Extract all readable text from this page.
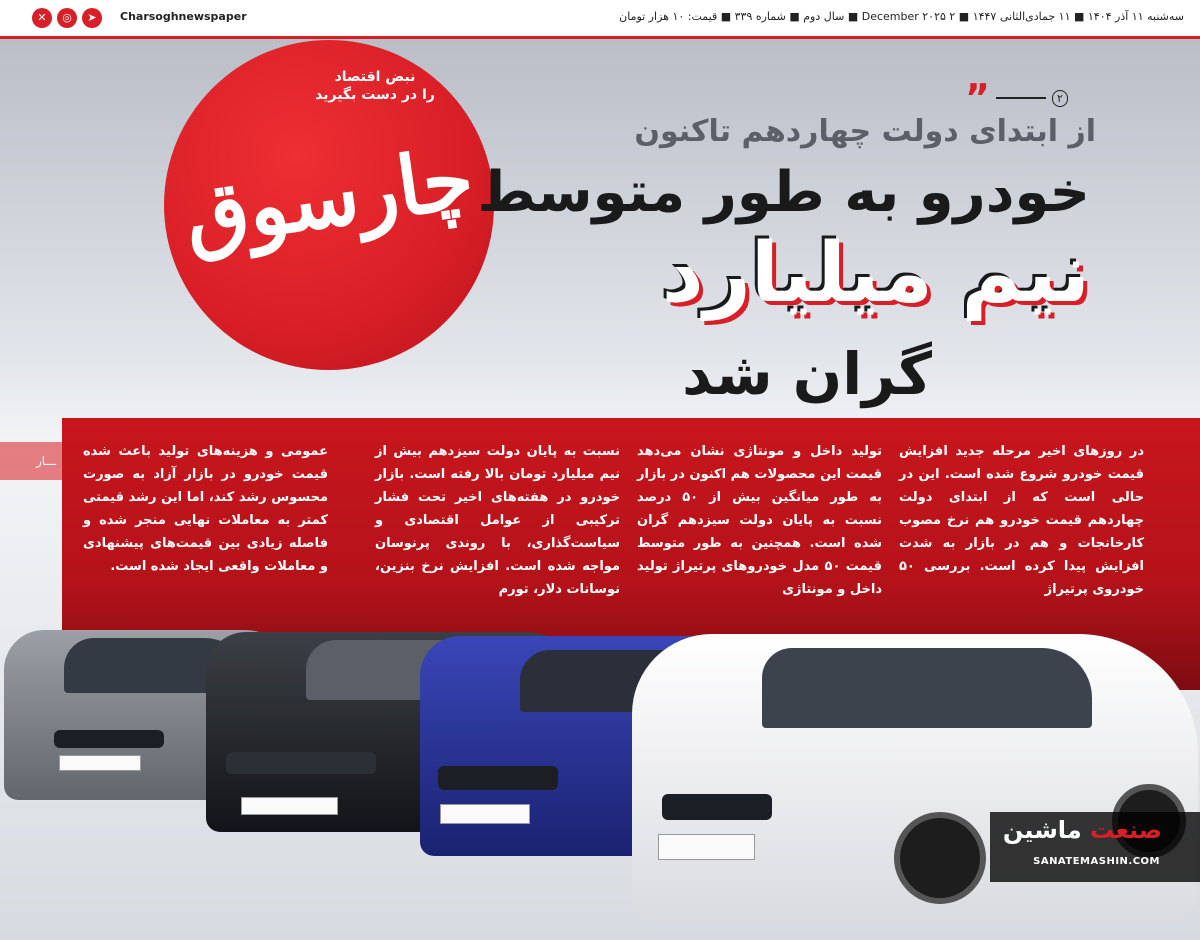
✕	◎	➤	Charsoghnewspaper	سه‌شنبه ۱۱ آذر ۱۴۰۴ ■ ۱۱ جمادی‌الثانی ۱۴۴۷ ■ ۲ December ۲۰۲۵ ■ سال دوم ■ شماره ۳۳۹ ■ قیمت: ۱۰ هزار تومان
چارسوق
نبض اقتصاد
را در دست بگیرید	”	۲
از ابتدای دولت چهاردهم تاکنون
خودرو به طور متوسط
نیم میلیارد
گران شد
ـــار
در روزهای اخیر مرحله جدید افزایش قیمت خودرو شروع شده است. این در حالی است که از ابتدای دولت چهاردهم قیمت خودرو هم نرخ مصوب کارخانجات و هم در بازار به شدت افزایش پیدا کرده است. بررسی ۵۰ خودروی پرتیراژ
تولید داخل و مونتاژی نشان می‌دهد قیمت این محصولات هم اکنون در بازار به طور میانگین بیش از ۵۰ درصد نسبت به پایان دولت سیزدهم گران شده است. همچنین به طور متوسط قیمت ۵۰ مدل خودروهای پرتیراژ تولید داخل و مونتاژی
نسبت به پایان دولت سیزدهم بیش از نیم میلیارد تومان بالا رفته است. بازار خودرو در هفته‌های اخیر تحت فشار ترکیبی از عوامل اقتصادی و سیاست‌گذاری، با روندی پرنوسان مواجه شده است. افزایش نرخ بنزین، نوسانات دلار، تورم
عمومی و هزینه‌های تولید باعث شده قیمت خودرو در بازار آزاد به صورت محسوس رشد کند، اما این رشد قیمتی کمتر به معاملات نهایی منجر شده و فاصله زیادی بین قیمت‌های پیشنهادی و معاملات واقعی ایجاد شده است.
صنعت ماشین
SANATEMASHIN.COM
